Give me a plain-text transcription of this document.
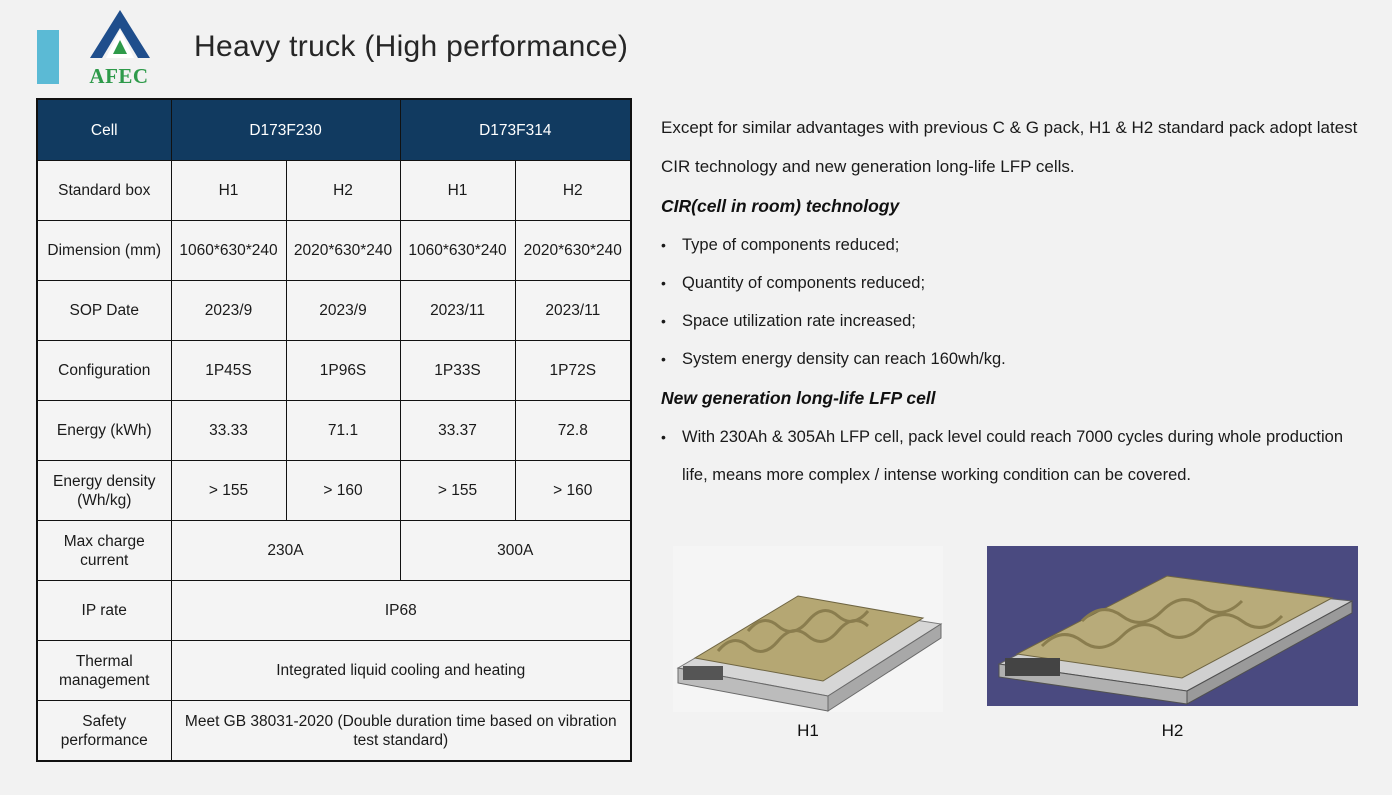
AFEC
Heavy truck (High performance)
Cell	D173F230		D173F314	
Standard box	H1	H2	H1	H2
Dimension (mm)	1060*630*240	2020*630*240	1060*630*240	2020*630*240
SOP Date	2023/9	2023/9	2023/11	2023/11
Configuration	1P45S	1P96S	1P33S	1P72S
Energy (kWh)	33.33	71.1	33.37	72.8
Energy density (Wh/kg)	> 155	> 160	> 155	> 160
Max charge current	230A		300A	
IP rate	IP68			
Thermal management	Integrated liquid cooling and heating			
Safety performance	Meet GB 38031-2020 (Double duration time based on vibration test standard)			

Except for similar advantages with previous C & G pack, H1 & H2 standard pack adopt latest CIR technology and new generation long-life LFP cells.

CIR(cell in room) technology

• Type of components reduced;
• Quantity of components reduced;
• Space utilization rate increased;
• System energy density can reach 160wh/kg.

New generation long-life LFP cell

• With 230Ah & 305Ah LFP cell, pack level could reach 7000 cycles during whole production life, means more complex / intense working condition can be covered.
H1	H2
